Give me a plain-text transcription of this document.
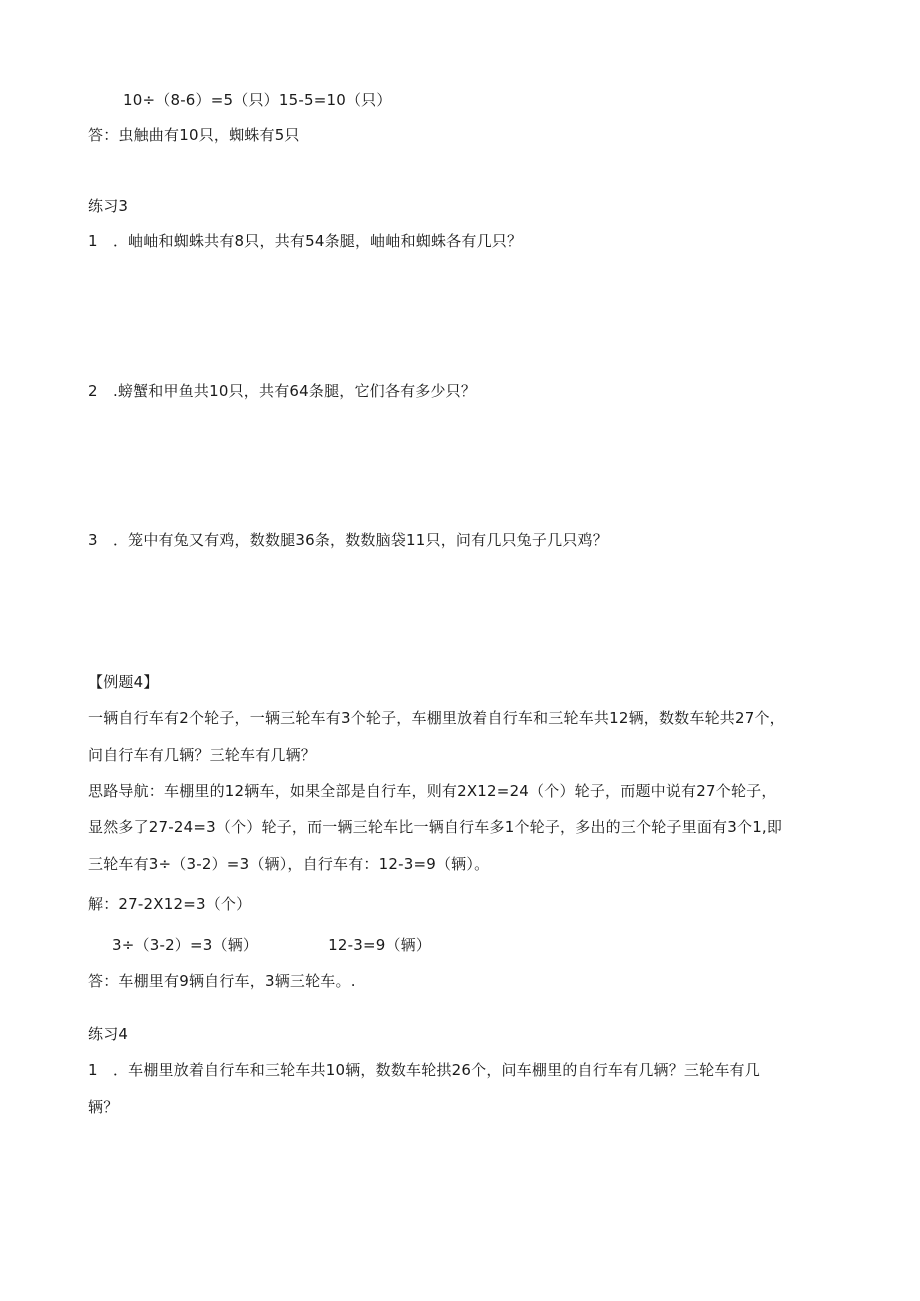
10÷（8-6）=5（只）15-5=10（只）
答：虫触曲有10只，蜘蛛有5只
练习3
1　．岫岫和蜘蛛共有8只，共有54条腿，岫岫和蜘蛛各有几只？
2　.螃蟹和甲鱼共10只，共有64条腿，它们各有多少只？
3　．笼中有兔又有鸡，数数腿36条，数数脑袋11只，问有几只兔子几只鸡？
【例题4】
一辆自行车有2个轮子，一辆三轮车有3个轮子，车棚里放着自行车和三轮车共12辆，数数车轮共27个，
问自行车有几辆？三轮车有几辆？
思路导航：车棚里的12辆车，如果全部是自行车，则有2X12=24（个）轮子，而题中说有27个轮子，
显然多了27-24=3（个）轮子，而一辆三轮车比一辆自行车多1个轮子，多出的三个轮子里面有3个1,即
三轮车有3÷（3-2）=3（辆），自行车有：12-3=9（辆）。
解：27-2X12=3（个）
3÷（3-2）=3（辆）	12-3=9（辆）
答：车棚里有9辆自行车，3辆三轮车。.
练习4
1　．车棚里放着自行车和三轮车共10辆，数数车轮拱26个，问车棚里的自行车有几辆？三轮车有几
辆？
